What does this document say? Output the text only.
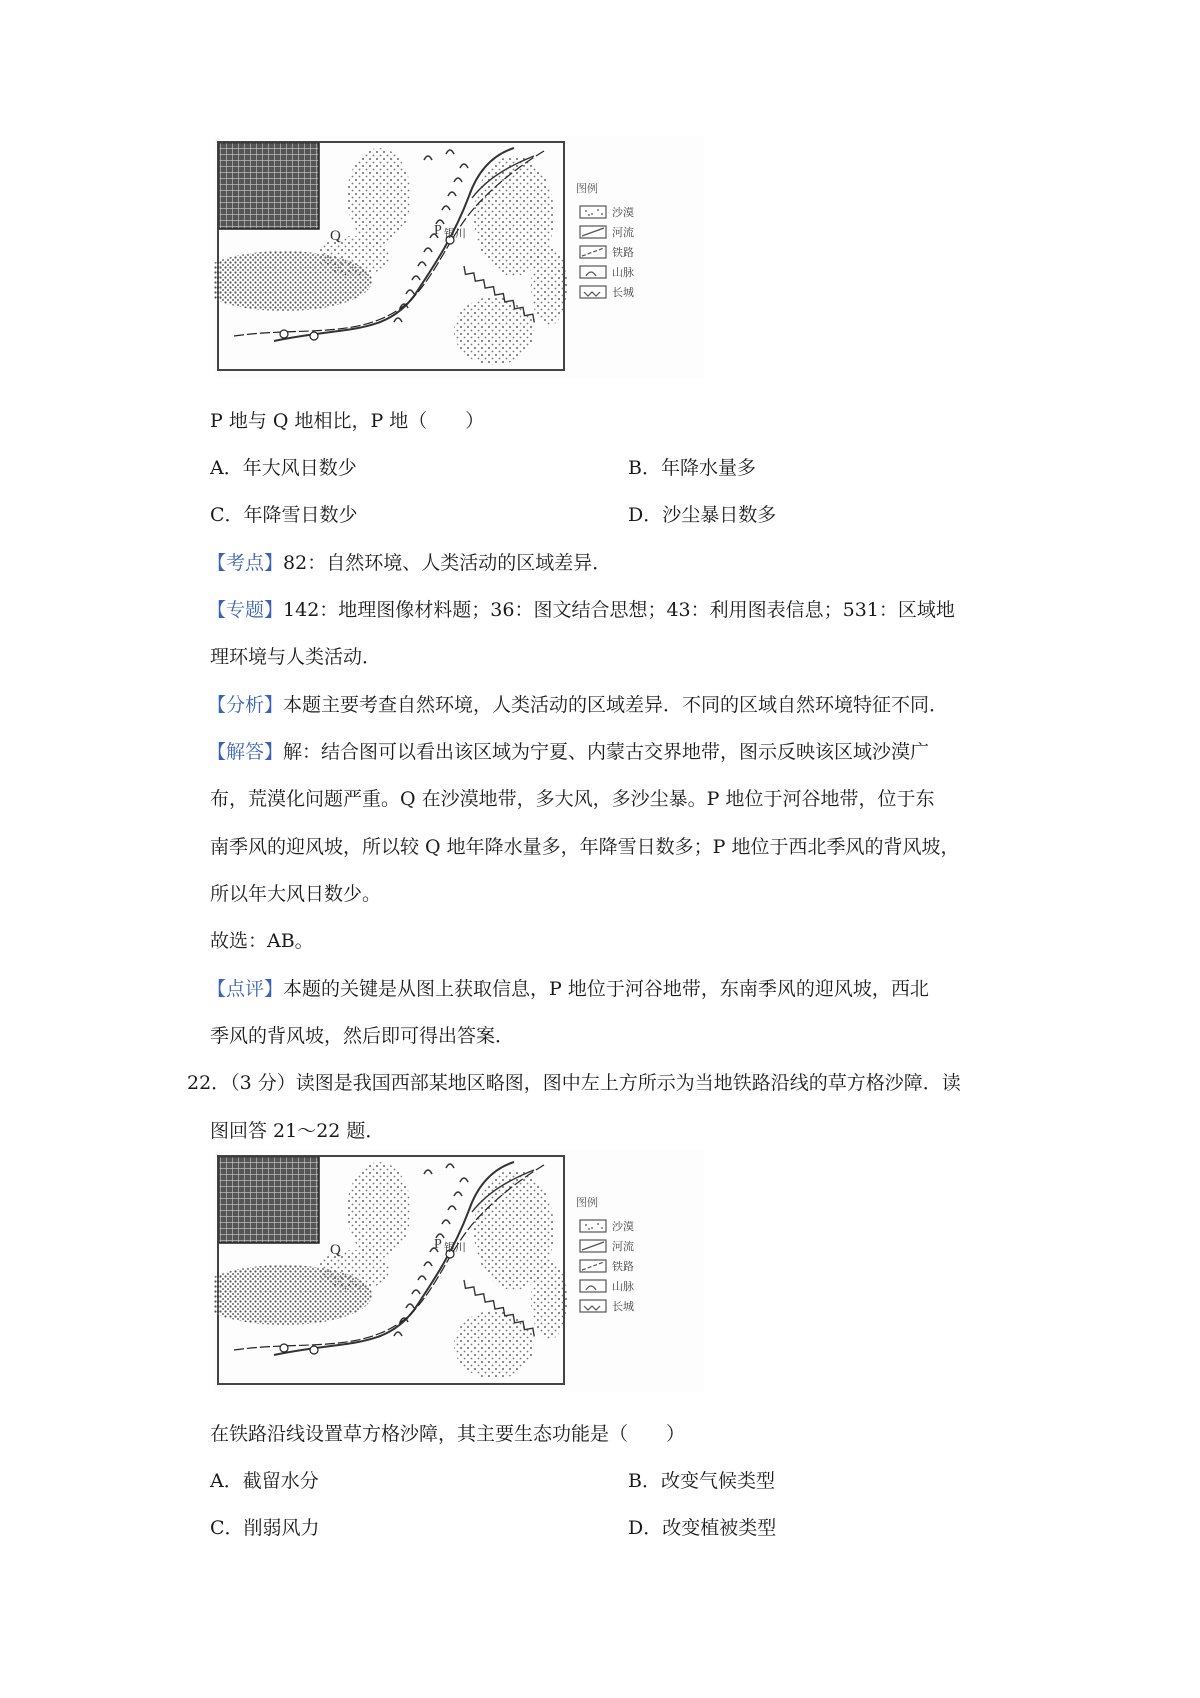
Q	P 银川
图例
沙漠
河流
铁路
山脉
长城
P 地与 Q 地相比，P 地（　　）
A．年大风日数少	B．年降水量多
C．年降雪日数少	D．沙尘暴日数多
【考点】82：自然环境、人类活动的区域差异．
【专题】142：地理图像材料题；36：图文结合思想；43：利用图表信息；531：区域地
理环境与人类活动．
【分析】本题主要考查自然环境，人类活动的区域差异．不同的区域自然环境特征不同．
【解答】解：结合图可以看出该区域为宁夏、内蒙古交界地带，图示反映该区域沙漠广
布，荒漠化问题严重。Q 在沙漠地带，多大风，多沙尘暴。P 地位于河谷地带，位于东
南季风的迎风坡，所以较 Q 地年降水量多，年降雪日数多；P 地位于西北季风的背风坡，
所以年大风日数少。
故选：AB。
【点评】本题的关键是从图上获取信息，P 地位于河谷地带，东南季风的迎风坡，西北
季风的背风坡，然后即可得出答案．
22．（3 分）读图是我国西部某地区略图，图中左上方所示为当地铁路沿线的草方格沙障．读
图回答 21～22 题．
Q	P 银川
图例
沙漠
河流
铁路
山脉
长城
在铁路沿线设置草方格沙障，其主要生态功能是（　　）
A．截留水分	B．改变气候类型
C．削弱风力	D．改变植被类型
